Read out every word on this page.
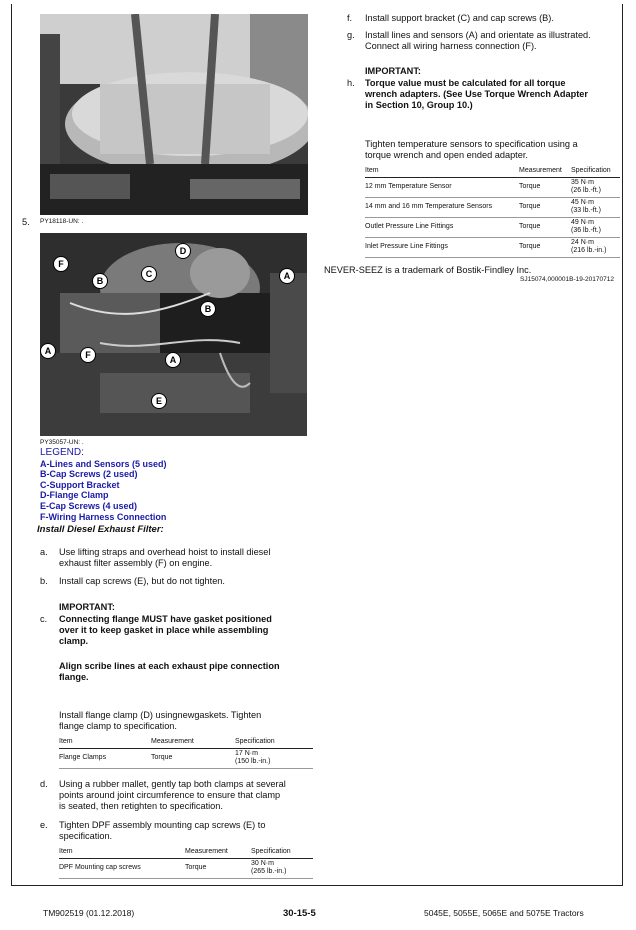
PY18118-UN: .
5.
D
C
F
B	A
B
A	F	A
E
PY35057-UN: .
LEGEND:
A-Lines and Sensors (5 used)
B-Cap Screws (2 used)
C-Support Bracket
D-Flange Clamp
E-Cap Screws (4 used)
F-Wiring Harness Connection
Install Diesel Exhaust Filter:
a. Use lifting straps and overhead hoist to install diesel
exhaust filter assembly (F) on engine.
b. Install cap screws (E), but do not tighten.
IMPORTANT:
c. Connecting flange MUST have gasket positioned
over it to keep gasket in place while assembling
clamp.
Align scribe lines at each exhaust pipe connection
flange.
Install flange clamp (D) usingnewgaskets. Tighten
flange clamp to specification.
Item	Measurement	Specification
Flange Clamps	Torque	17 N·m
(150 lb.-in.)
d. Using a rubber mallet, gently tap both clamps at several
points around joint circumference to ensure that clamp
is seated, then retighten to specification.
e. Tighten DPF assembly mounting cap screws (E) to
specification.
Item	Measurement	Specification
DPF Mounting cap screws	Torque	30 N·m
(265 lb.-in.)
f. Install support bracket (C) and cap screws (B).
g. Install lines and sensors (A) and orientate as illustrated.
Connect all wiring harness connection (F).
IMPORTANT:
h. Torque value must be calculated for all torque
wrench adapters. (See Use Torque Wrench Adapter
in Section 10, Group 10.)
Tighten temperature sensors to specification using a
torque wrench and open ended adapter.
Item	Measurement	Specification
12 mm Temperature Sensor	Torque	35 N·m
(26 lb.-ft.)

14 mm and 16 mm Temperature Sensors	Torque	45 N·m
(33 lb.-ft.)

Outlet Pressure Line Fittings	Torque	49 N·m
(36 lb.-ft.)

Inlet Pressure Line Fittings	Torque	24 N·m
(216 lb.-in.)
NEVER-SEEZ is a trademark of Bostik-Findley Inc.
SJ15074,000001B-19-20170712
TM902519 (01.12.2018)	30-15-5	5045E, 5055E, 5065E and 5075E Tractors
